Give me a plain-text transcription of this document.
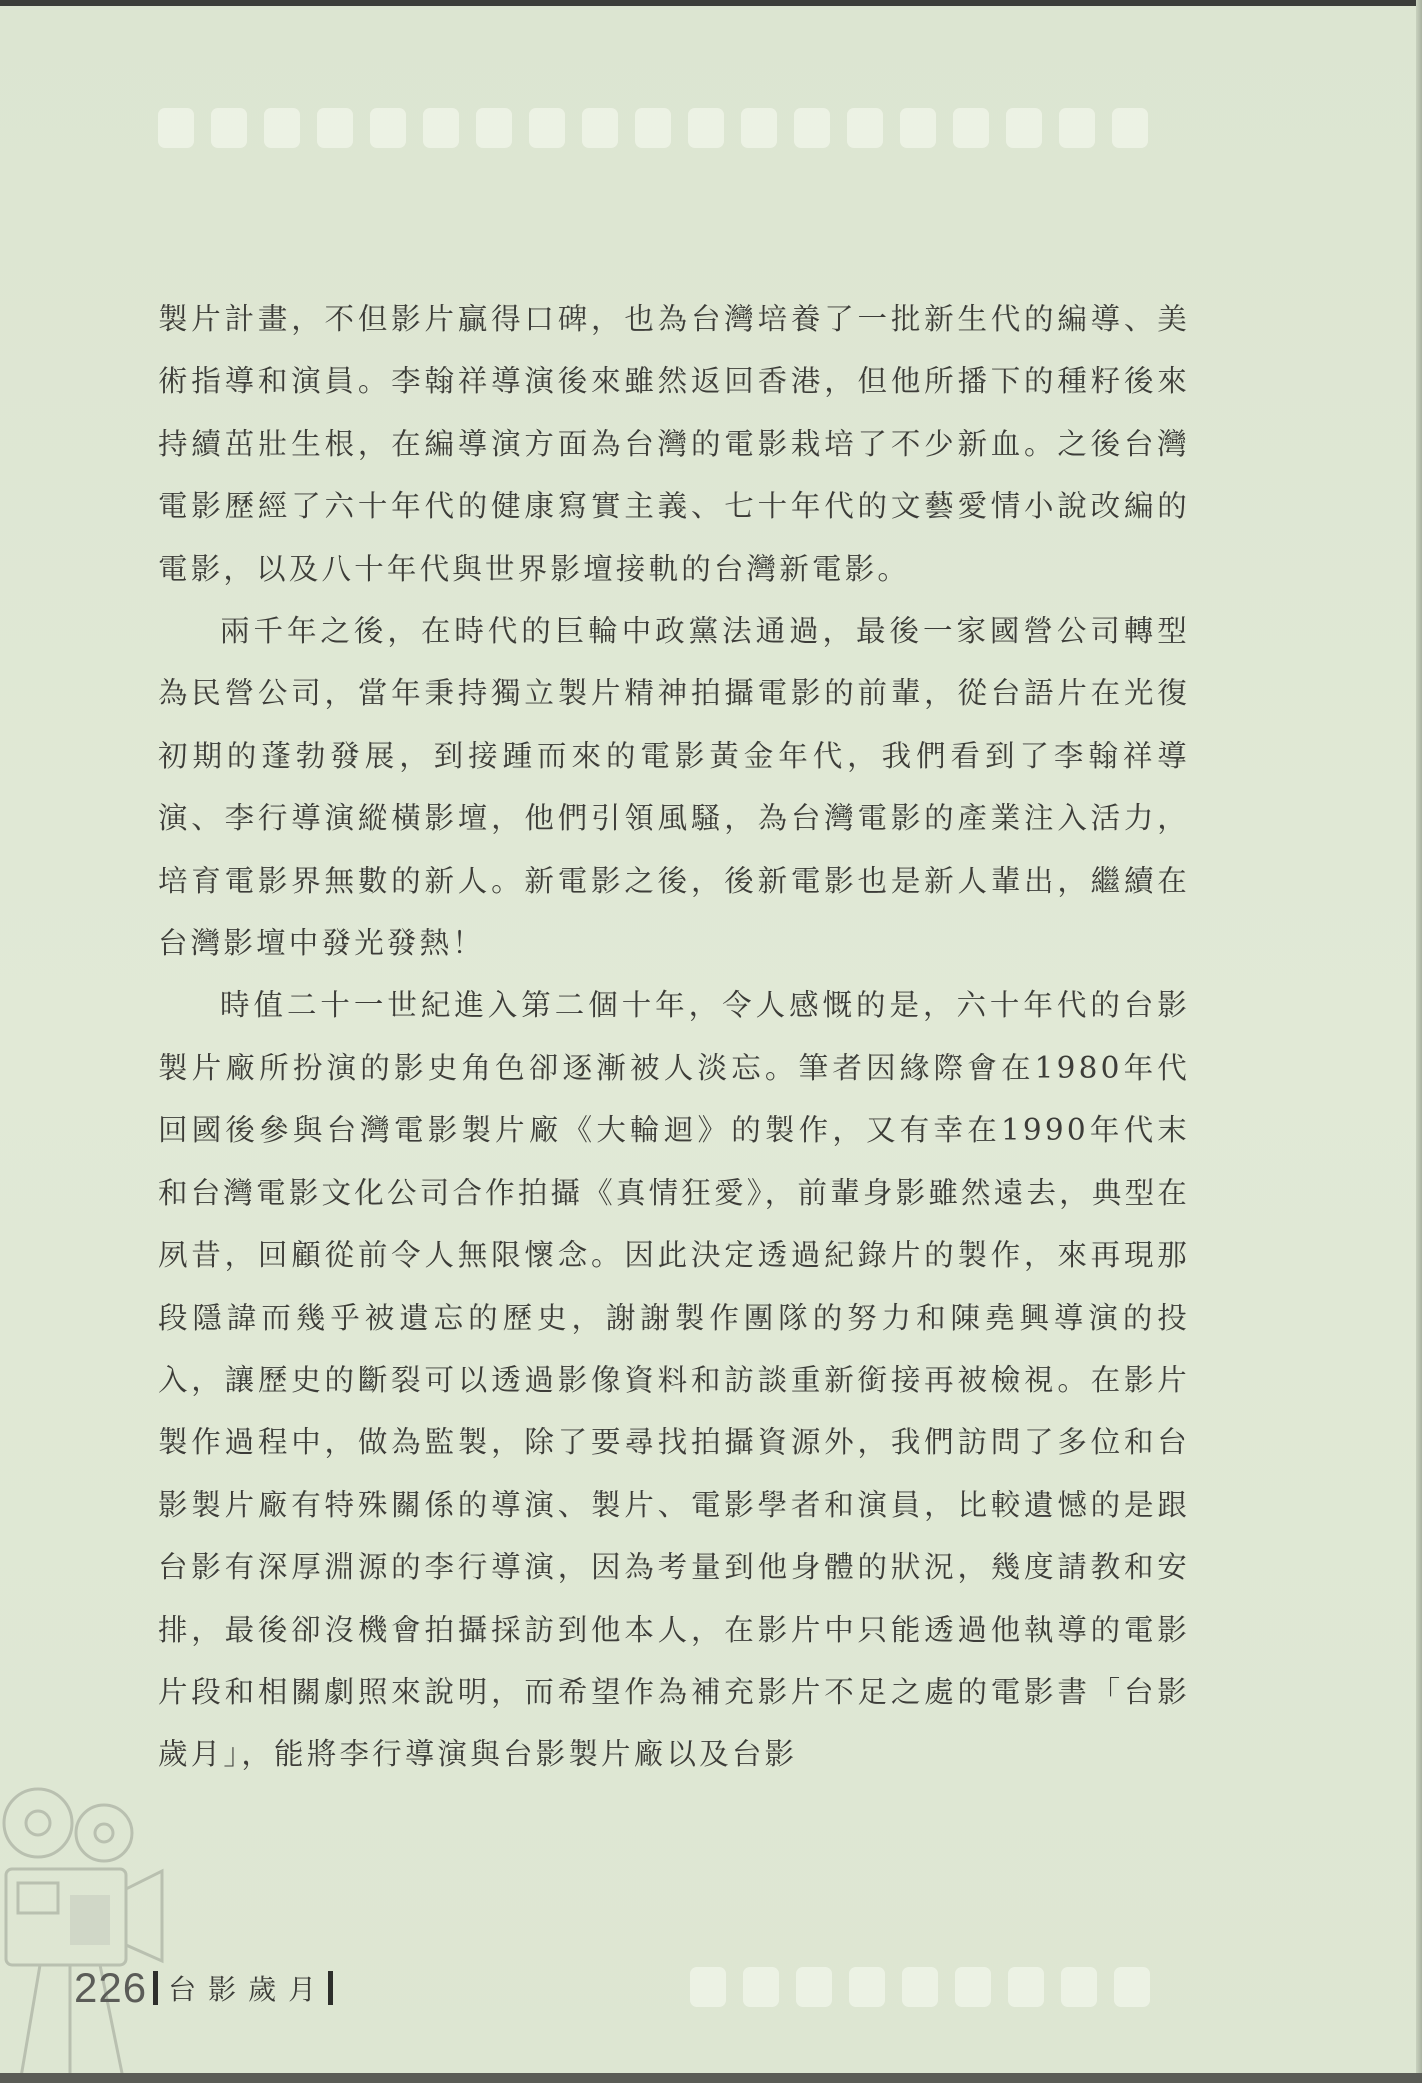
製片計畫，不但影片贏得口碑，也為台灣培養了一批新生代的編導、美術指導和演員。李翰祥導演後來雖然返回香港，但他所播下的種籽後來持續茁壯生根，在編導演方面為台灣的電影栽培了不少新血。之後台灣電影歷經了六十年代的健康寫實主義、七十年代的文藝愛情小說改編的電影，以及八十年代與世界影壇接軌的台灣新電影。

兩千年之後，在時代的巨輪中政黨法通過，最後一家國營公司轉型為民營公司，當年秉持獨立製片精神拍攝電影的前輩，從台語片在光復初期的蓬勃發展，到接踵而來的電影黃金年代，我們看到了李翰祥導演、李行導演縱橫影壇，他們引領風騷，為台灣電影的產業注入活力，培育電影界無數的新人。新電影之後，後新電影也是新人輩出，繼續在台灣影壇中發光發熱！

時值二十一世紀進入第二個十年，令人感慨的是，六十年代的台影製片廠所扮演的影史角色卻逐漸被人淡忘。筆者因緣際會在1980年代回國後參與台灣電影製片廠《大輪迴》的製作，又有幸在1990年代末和台灣電影文化公司合作拍攝《真情狂愛》，前輩身影雖然遠去，典型在夙昔，回顧從前令人無限懷念。因此決定透過紀錄片的製作，來再現那段隱諱而幾乎被遺忘的歷史，謝謝製作團隊的努力和陳堯興導演的投入，讓歷史的斷裂可以透過影像資料和訪談重新銜接再被檢視。在影片製作過程中，做為監製，除了要尋找拍攝資源外，我們訪問了多位和台影製片廠有特殊關係的導演、製片、電影學者和演員，比較遺憾的是跟台影有深厚淵源的李行導演，因為考量到他身體的狀況，幾度請教和安排，最後卻沒機會拍攝採訪到他本人，在影片中只能透過他執導的電影片段和相關劇照來說明，而希望作為補充影片不足之處的電影書「台影歲月」，能將李行導演與台影製片廠以及台影

226 台影歲月
